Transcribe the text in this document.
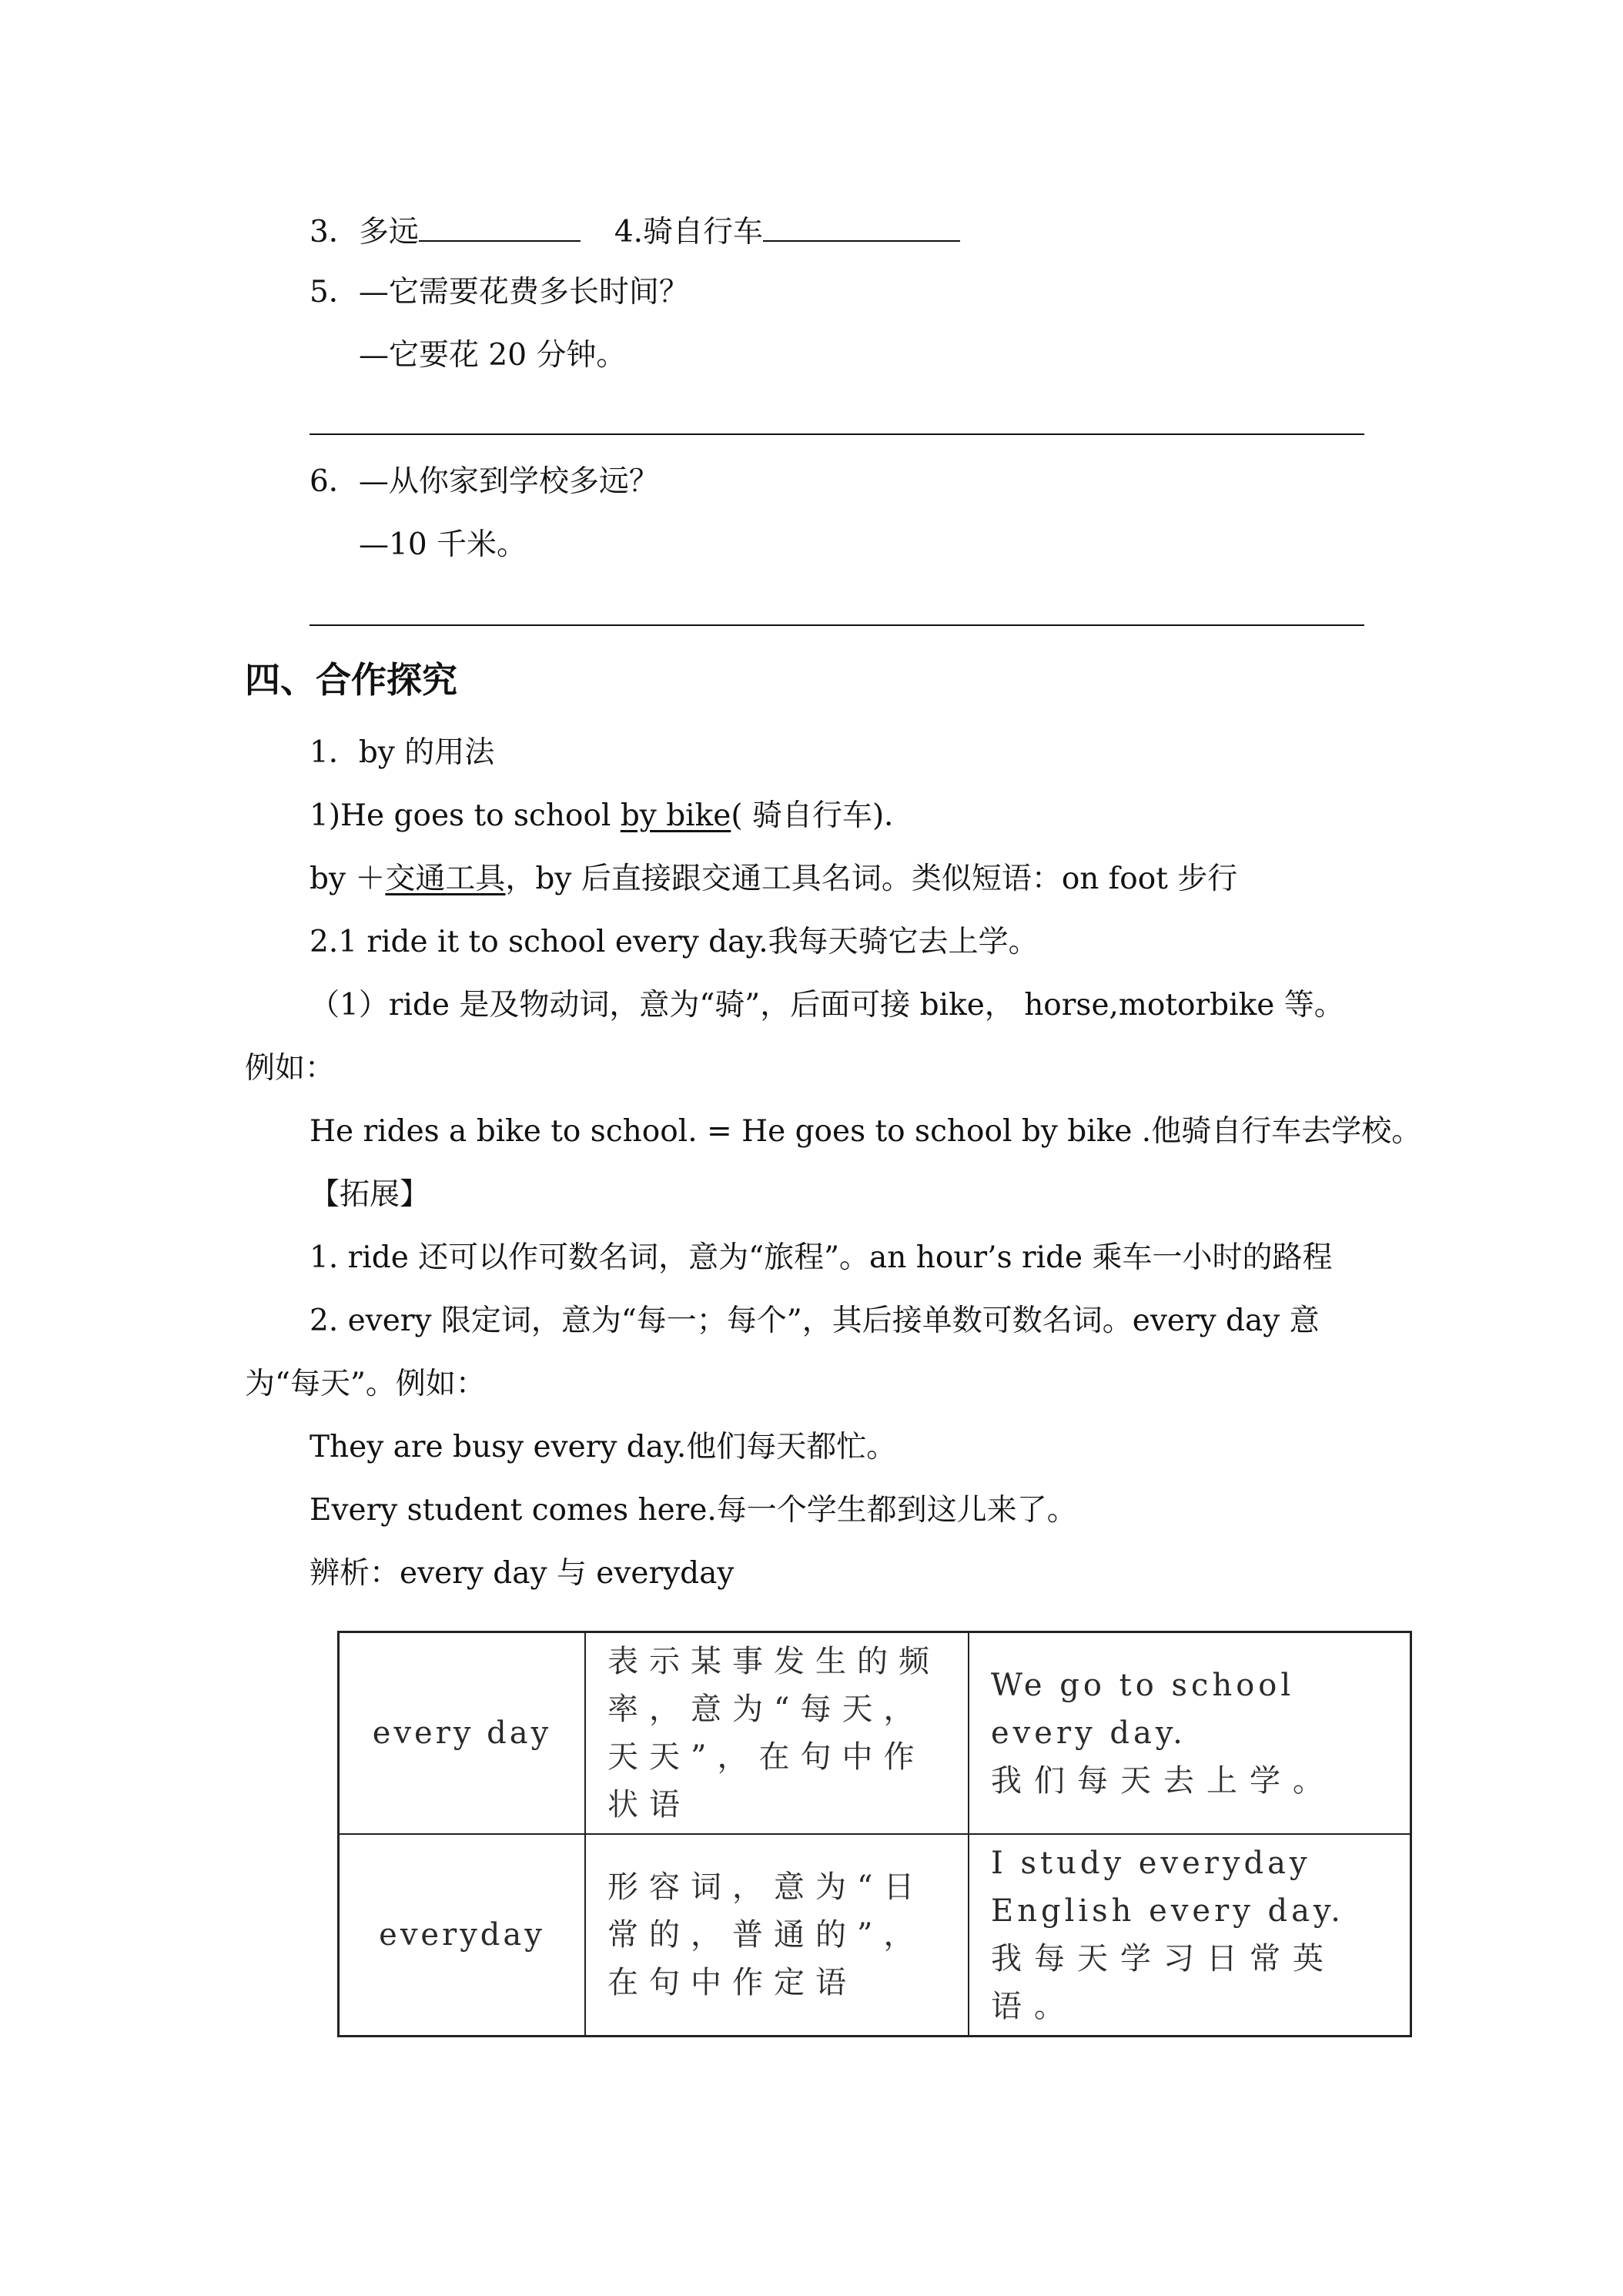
3．多远	4.骑自行车
5．—它需要花费多长时间？
—它要花 20 分钟。
6．—从你家到学校多远？
—10 千米。
四、合作探究
1．by 的用法
1)He goes to school by bike( 骑自行车)．
by ＋交通工具，by 后直接跟交通工具名词。类似短语：on foot 步行
2.1 ride it to school every day.我每天骑它去上学。
（1）ride 是及物动词，意为“骑”，后面可接 bike， horse,motorbike 等。
例如：
He rides a bike to school. = He goes to school by bike .他骑自行车去学校。
【拓展】
1. ride 还可以作可数名词，意为“旅程”。an hour’s ride 乘车一小时的路程
2. every 限定词，意为“每一；每个”，其后接单数可数名词。every day 意
为“每天”。例如：
They are busy every day.他们每天都忙。
Every student comes here.每一个学生都到这儿来了。
辨析：every day 与 everyday
every day	表示某事发生的频率，意为“每天，天天”，在句中作状语	We go to school every day.
我们每天去上学。

everyday	形容词，意为“日常的，普通的”，在句中作定语	I study everyday English every day.
我每天学习日常英语。
